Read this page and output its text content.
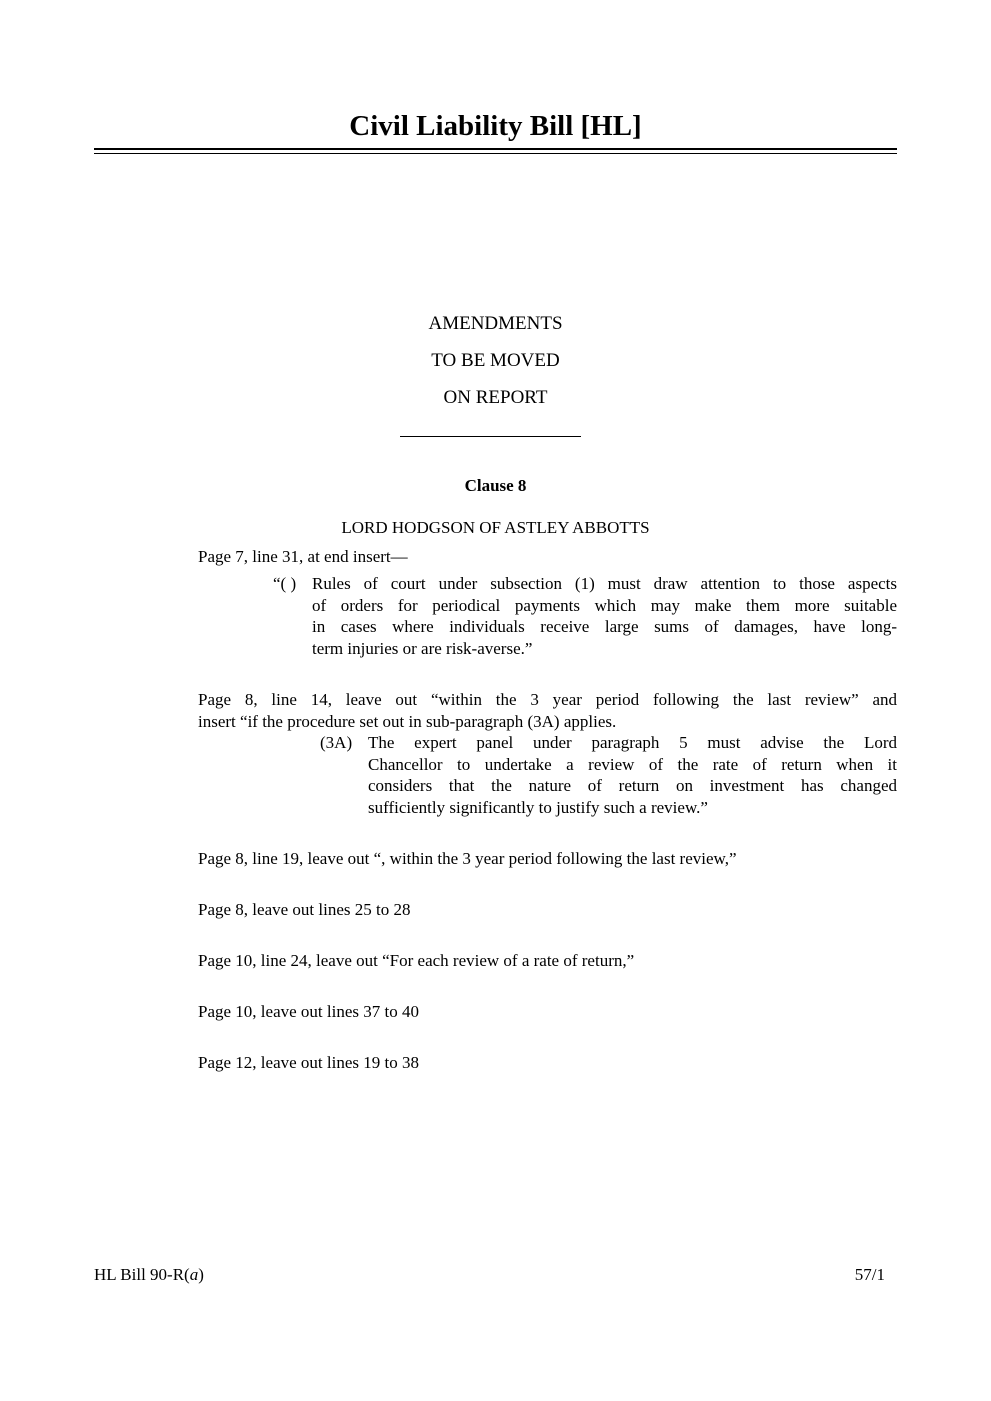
Civil Liability Bill [HL]
AMENDMENTS
TO BE MOVED
ON REPORT
Clause 8
LORD HODGSON OF ASTLEY ABBOTTS
Page 7, line 31, at end insert—
“( ) Rules of court under subsection (1) must draw attention to those aspects
of orders for periodical payments which may make them more suitable
in cases where individuals receive large sums of damages, have long-
term injuries or are risk-averse.”
Page 8, line 14, leave out “within the 3 year period following the last review” and
insert “if the procedure set out in sub-paragraph (3A) applies.
(3A) The expert panel under paragraph 5 must advise the Lord
Chancellor to undertake a review of the rate of return when it
considers that the nature of return on investment has changed
sufficiently significantly to justify such a review.”
Page 8, line 19, leave out “, within the 3 year period following the last review,”
Page 8, leave out lines 25 to 28
Page 10, line 24, leave out “For each review of a rate of return,”
Page 10, leave out lines 37 to 40
Page 12, leave out lines 19 to 38
HL Bill 90-R(a)	57/1
